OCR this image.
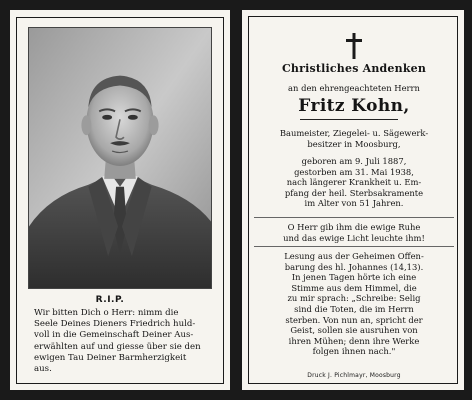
R.I.P.
Wir bitten Dich o Herr: nimm die
Seele Deines Dieners Friedrich huld-
voll in die Gemeinschaft Deiner Aus-
erwählten auf und giesse über sie den
ewigen Tau Deiner Barmherzigkeit
aus.
Christliches Andenken
an den ehrengeachteten Herrn
Fritz Kohn,
Baumeister, Ziegelei- u. Sägewerk-
besitzer in Moosburg,
geboren am 9. Juli 1887,
gestorben am 31. Mai 1938,
nach längerer Krankheit u. Em-
pfang der heil. Sterbsakramente
im Alter von 51 Jahren.
O Herr gib ihm die ewige Ruhe
und das ewige Licht leuchte ihm!
Lesung aus der Geheimen Offen-
barung des hl. Johannes (14,13).
In jenen Tagen hörte ich eine
Stimme aus dem Himmel, die
zu mir sprach: „Schreibe: Selig
sind die Toten, die im Herrn
sterben. Von nun an, spricht der
Geist, sollen sie ausruhen von
ihren Mühen; denn ihre Werke
folgen ihnen nach."
Druck J. Pichlmayr, Moosburg
